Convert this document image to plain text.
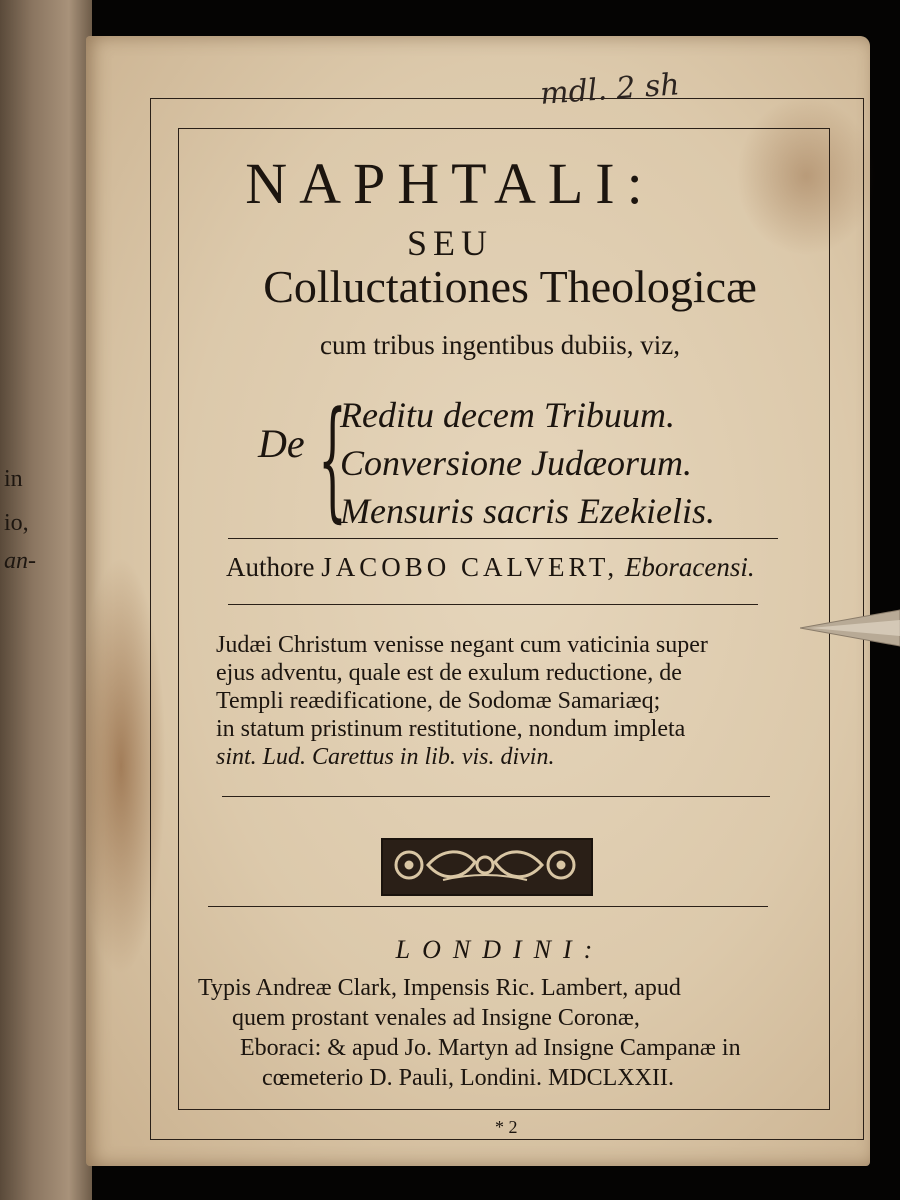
in
io,
an-
mdl. 2 sh
NAPHTALI:
SEU
Colluctationes Theologicæ
cum tribus ingentibus dubiis, viz,
De {
Reditu decem Tribuum.
Conversione Judæorum.
Mensuris sacris Ezekielis.
Authore JACOBO CALVERT, Eboracensi.
Judæi Christum venisse negant cum vaticinia super
ejus adventu, quale est de exulum reductione, de
Templi reædificatione, de Sodomæ Samariæq;
in statum pristinum restitutione, nondum impleta
sint. Lud. Carettus in lib. vis. divin.
LONDINI:
Typis Andreæ Clark, Impensis Ric. Lambert, apud
quem prostant venales ad Insigne Coronæ,
Eboraci: & apud Jo. Martyn ad Insigne Campanæ in
cœmeterio D. Pauli, Londini. MDCLXXII.
* 2
